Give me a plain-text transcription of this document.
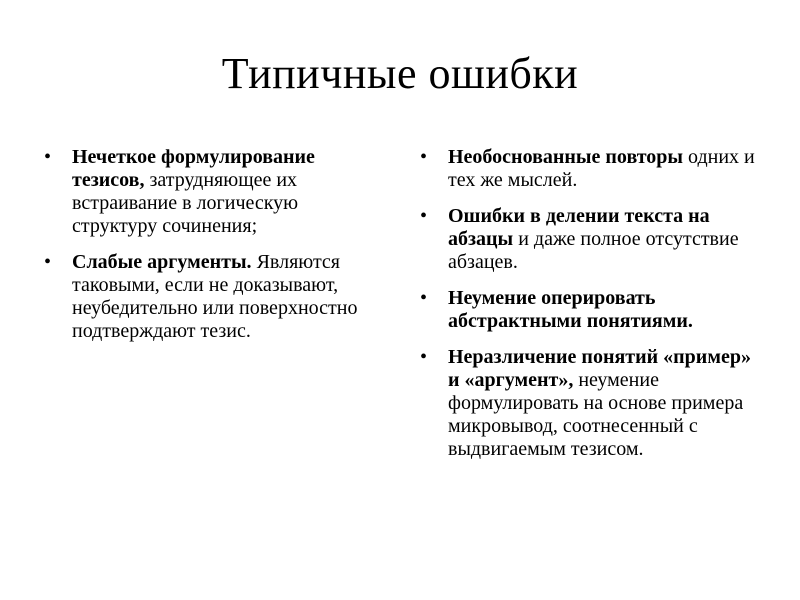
Типичные ошибки
• Нечеткое формулирование тезисов, затрудняющее их встраивание в логическую структуру сочинения;
• Слабые аргументы. Являются таковыми, если не доказывают, неубедительно или поверхностно подтверждают тезис.
• Необоснованные повторы одних и тех же мыслей.
• Ошибки в делении текста на абзацы и даже полное отсутствие абзацев.
• Неумение оперировать абстрактными понятиями.
• Неразличение понятий «пример» и «аргумент», неумение формулировать на основе примера микровывод, соотнесенный с выдвигаемым тезисом.
